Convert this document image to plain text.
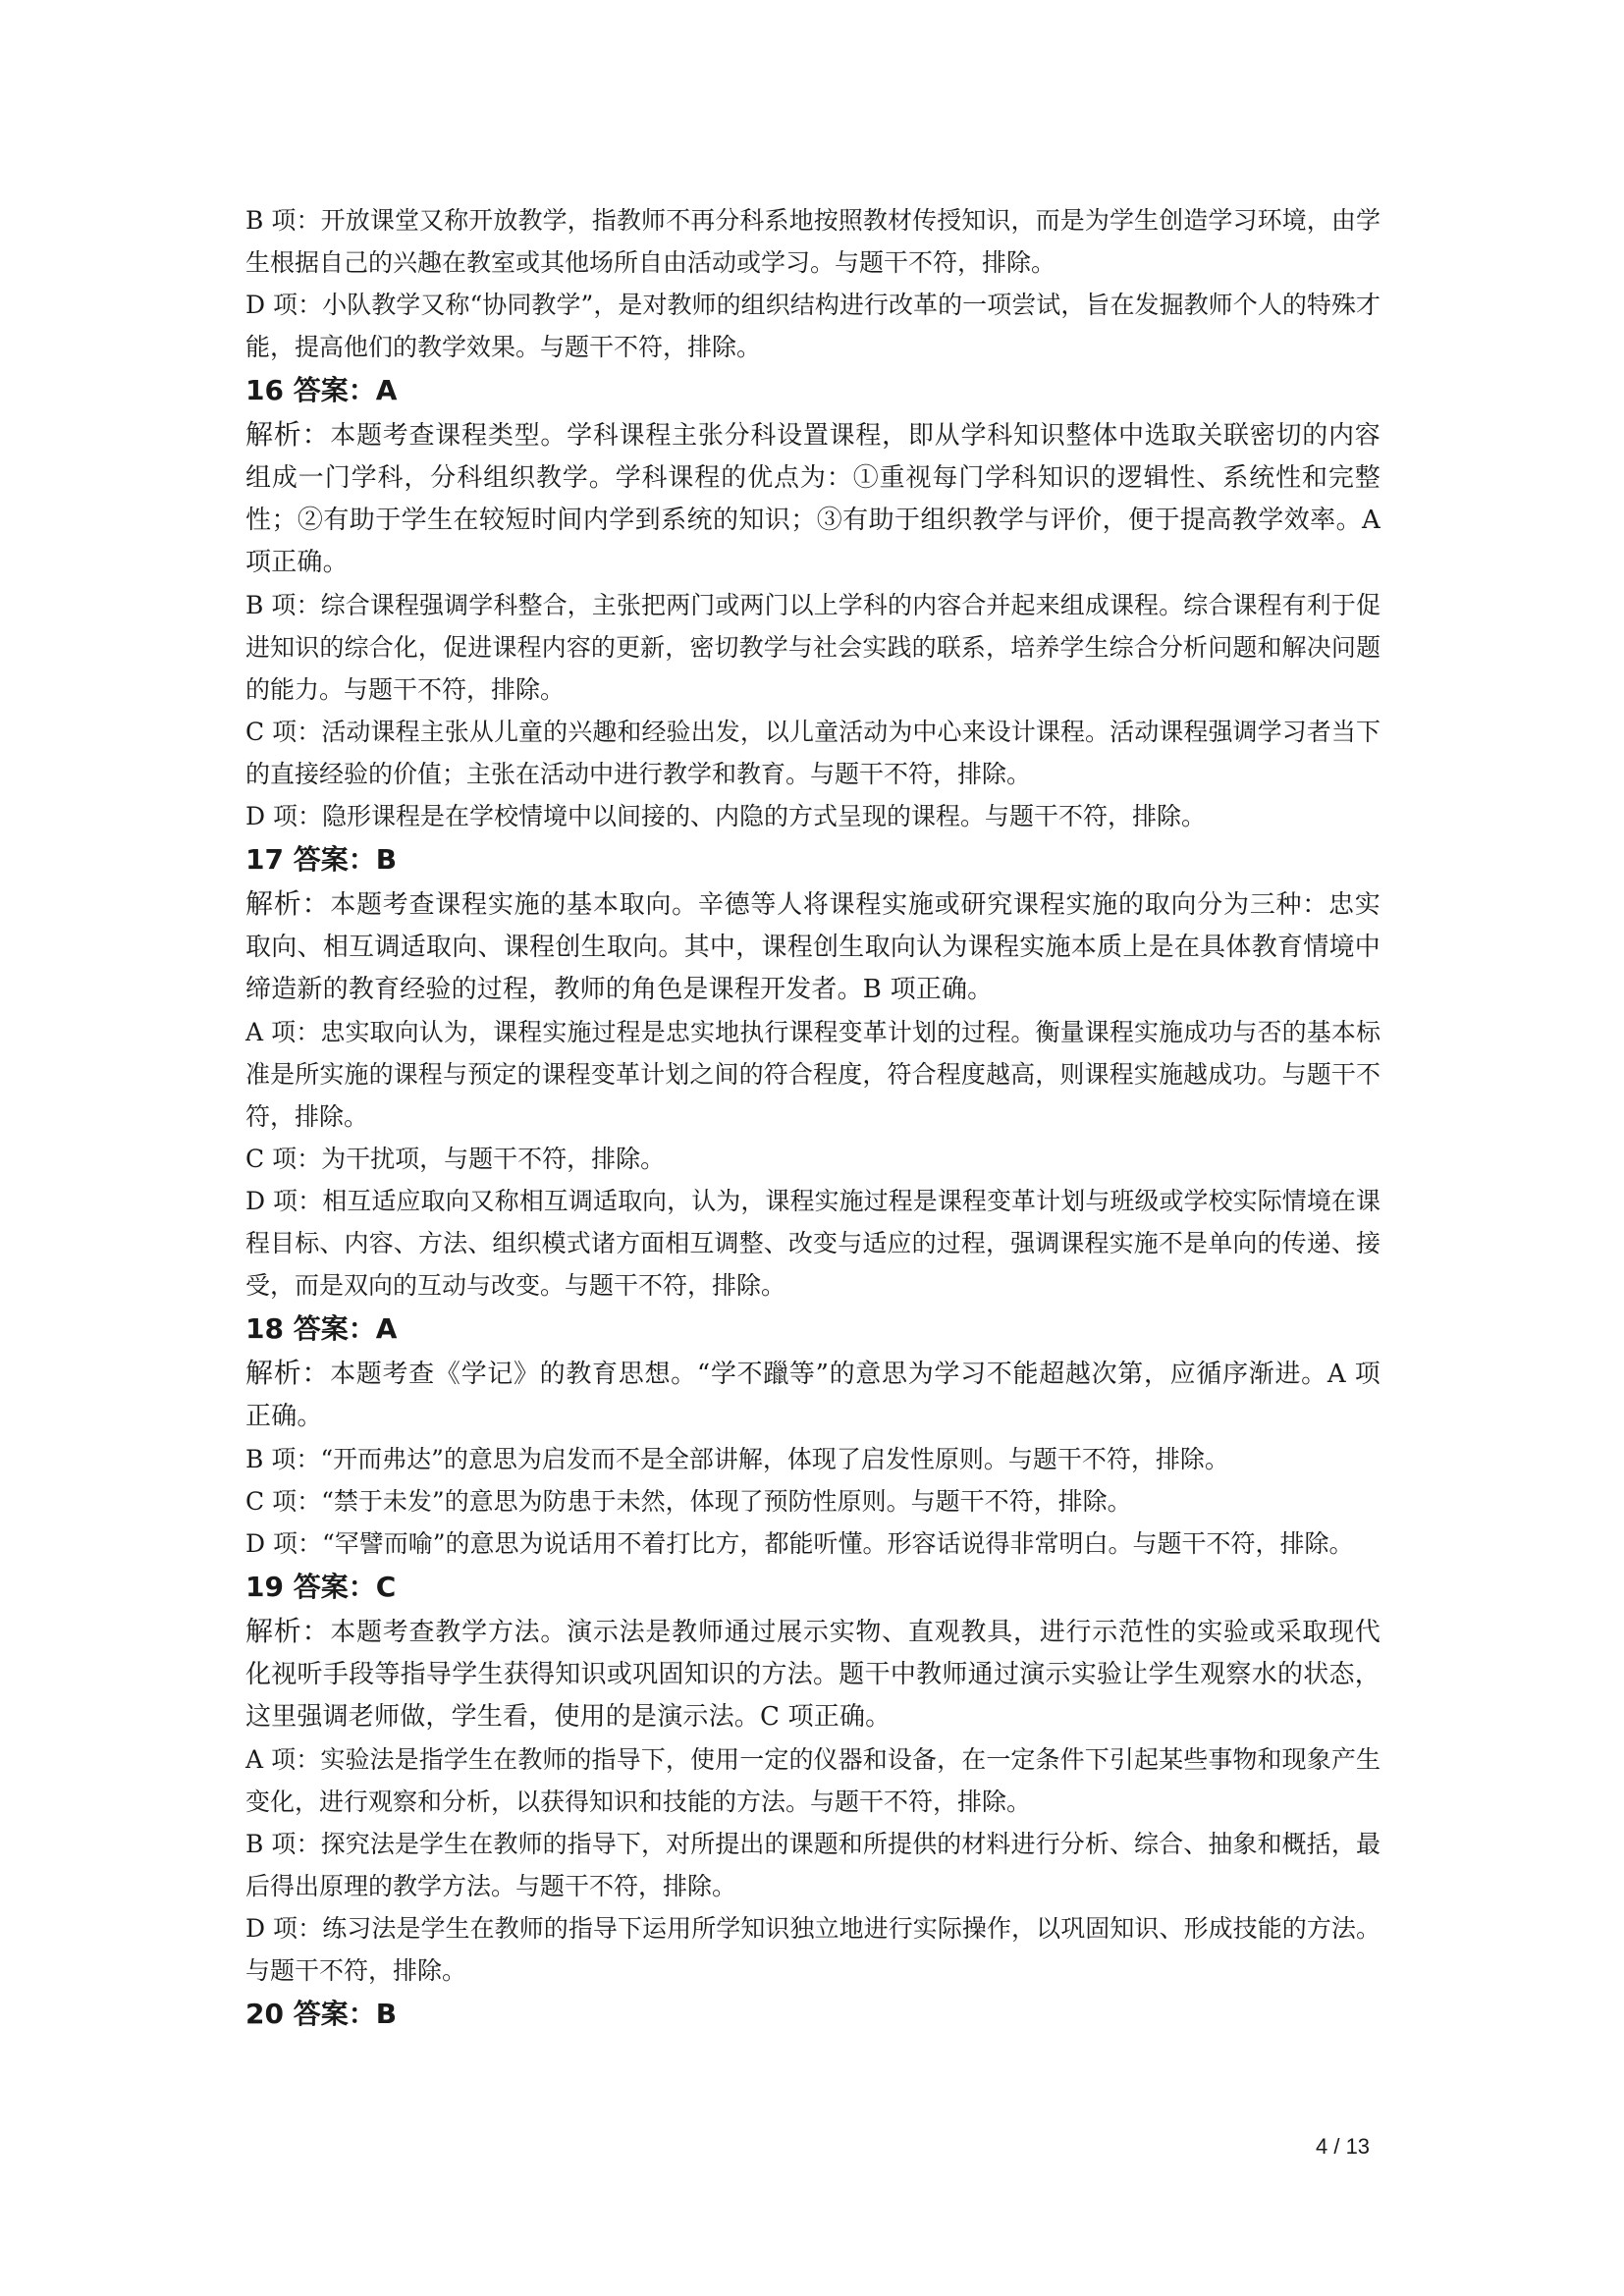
B 项：开放课堂又称开放教学，指教师不再分科系地按照教材传授知识，而是为学生创造学习环境，由学生根据自己的兴趣在教室或其他场所自由活动或学习。与题干不符，排除。

D 项：小队教学又称“协同教学”，是对教师的组织结构进行改革的一项尝试，旨在发掘教师个人的特殊才能，提高他们的教学效果。与题干不符，排除。

16 答案：A

解析：本题考查课程类型。学科课程主张分科设置课程，即从学科知识整体中选取关联密切的内容组成一门学科，分科组织教学。学科课程的优点为：①重视每门学科知识的逻辑性、系统性和完整性；②有助于学生在较短时间内学到系统的知识；③有助于组织教学与评价，便于提高教学效率。A 项正确。

B 项：综合课程强调学科整合，主张把两门或两门以上学科的内容合并起来组成课程。综合课程有利于促进知识的综合化，促进课程内容的更新，密切教学与社会实践的联系，培养学生综合分析问题和解决问题的能力。与题干不符，排除。

C 项：活动课程主张从儿童的兴趣和经验出发，以儿童活动为中心来设计课程。活动课程强调学习者当下的直接经验的价值；主张在活动中进行教学和教育。与题干不符，排除。

D 项：隐形课程是在学校情境中以间接的、内隐的方式呈现的课程。与题干不符，排除。

17 答案：B

解析：本题考查课程实施的基本取向。辛德等人将课程实施或研究课程实施的取向分为三种：忠实取向、相互调适取向、课程创生取向。其中，课程创生取向认为课程实施本质上是在具体教育情境中缔造新的教育经验的过程，教师的角色是课程开发者。B 项正确。

A 项：忠实取向认为，课程实施过程是忠实地执行课程变革计划的过程。衡量课程实施成功与否的基本标准是所实施的课程与预定的课程变革计划之间的符合程度，符合程度越高，则课程实施越成功。与题干不符，排除。

C 项：为干扰项，与题干不符，排除。

D 项：相互适应取向又称相互调适取向，认为，课程实施过程是课程变革计划与班级或学校实际情境在课程目标、内容、方法、组织模式诸方面相互调整、改变与适应的过程，强调课程实施不是单向的传递、接受，而是双向的互动与改变。与题干不符，排除。

18 答案：A

解析：本题考查《学记》的教育思想。“学不躐等”的意思为学习不能超越次第，应循序渐进。A 项正确。

B 项：“开而弗达”的意思为启发而不是全部讲解，体现了启发性原则。与题干不符，排除。

C 项：“禁于未发”的意思为防患于未然，体现了预防性原则。与题干不符，排除。

D 项：“罕譬而喻”的意思为说话用不着打比方，都能听懂。形容话说得非常明白。与题干不符，排除。

19 答案：C

解析：本题考查教学方法。演示法是教师通过展示实物、直观教具，进行示范性的实验或采取现代化视听手段等指导学生获得知识或巩固知识的方法。题干中教师通过演示实验让学生观察水的状态，这里强调老师做，学生看，使用的是演示法。C 项正确。

A 项：实验法是指学生在教师的指导下，使用一定的仪器和设备，在一定条件下引起某些事物和现象产生变化，进行观察和分析，以获得知识和技能的方法。与题干不符，排除。

B 项：探究法是学生在教师的指导下，对所提出的课题和所提供的材料进行分析、综合、抽象和概括，最后得出原理的教学方法。与题干不符，排除。

D 项：练习法是学生在教师的指导下运用所学知识独立地进行实际操作，以巩固知识、形成技能的方法。与题干不符，排除。

20 答案：B

4 / 13
